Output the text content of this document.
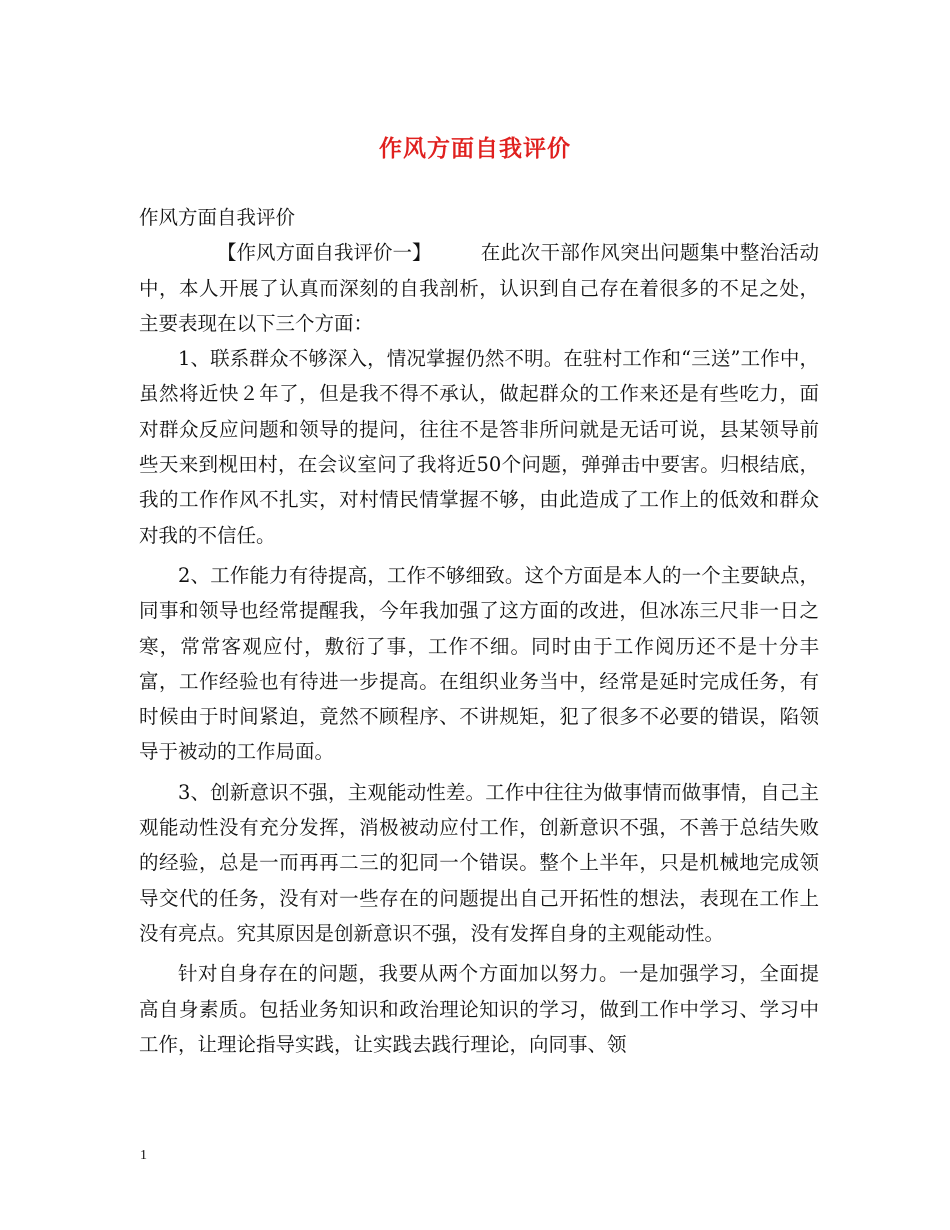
作风方面自我评价

作风方面自我评价

【作风方面自我评价一】	在此次干部作风突出问题集中整治活动中，本人开展了认真而深刻的自我剖析，认识到自己存在着很多的不足之处，主要表现在以下三个方面：

1、联系群众不够深入，情况掌握仍然不明。在驻村工作和“三送”工作中，虽然将近快２年了，但是我不得不承认，做起群众的工作来还是有些吃力，面对群众反应问题和领导的提问，往往不是答非所问就是无话可说，县某领导前些天来到枧田村，在会议室问了我将近50个问题，弹弹击中要害。归根结底，我的工作作风不扎实，对村情民情掌握不够，由此造成了工作上的低效和群众对我的不信任。

2、工作能力有待提高，工作不够细致。这个方面是本人的一个主要缺点，同事和领导也经常提醒我，今年我加强了这方面的改进，但冰冻三尺非一日之寒，常常客观应付，敷衍了事，工作不细。同时由于工作阅历还不是十分丰富，工作经验也有待进一步提高。在组织业务当中，经常是延时完成任务，有时候由于时间紧迫，竟然不顾程序、不讲规矩，犯了很多不必要的错误，陷领导于被动的工作局面。

3、创新意识不强，主观能动性差。工作中往往为做事情而做事情，自己主观能动性没有充分发挥，消极被动应付工作，创新意识不强，不善于总结失败的经验，总是一而再再二三的犯同一个错误。整个上半年，只是机械地完成领导交代的任务，没有对一些存在的问题提出自己开拓性的想法，表现在工作上没有亮点。究其原因是创新意识不强，没有发挥自身的主观能动性。

针对自身存在的问题，我要从两个方面加以努力。一是加强学习，全面提高自身素质。包括业务知识和政治理论知识的学习，做到工作中学习、学习中工作，让理论指导实践，让实践去践行理论，向同事、领

1
